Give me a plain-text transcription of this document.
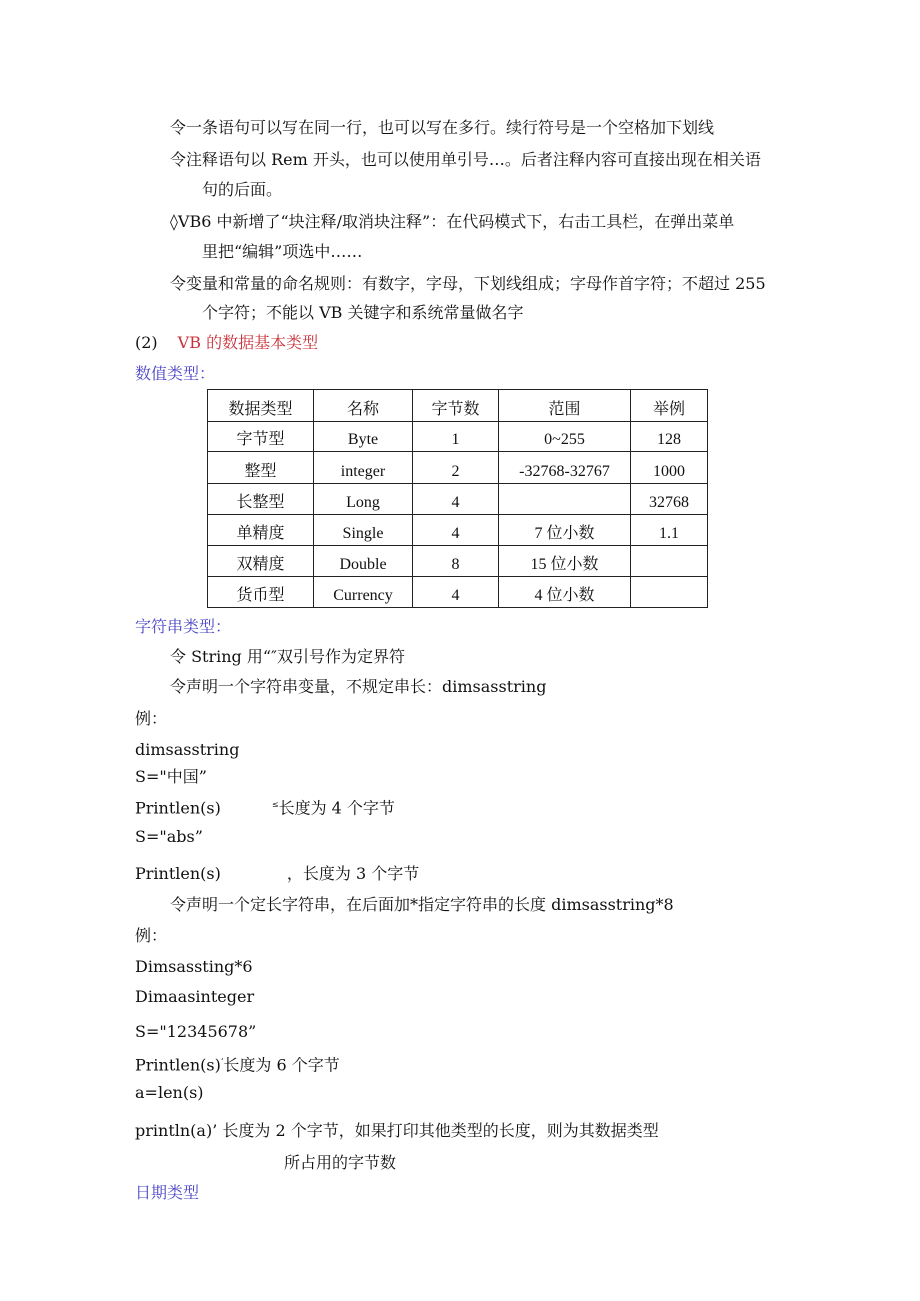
令一条语句可以写在同一行，也可以写在多行。续行符号是一个空格加下划线
令注释语句以 Rem 开头，也可以使用单引号…。后者注释内容可直接出现在相关语
句的后面。
◊VB6 中新增了“块注释/取消块注释”：在代码模式下，右击工具栏，在弹出菜单
里把“编辑”项选中……
令变量和常量的命名规则：有数字，字母，下划线组成；字母作首字符；不超过 255
个字符；不能以 VB 关键字和系统常量做名字
(2) VB 的数据基本类型
数值类型：
数据类型	名称	字节数	范围	举例
字节型	Byte	1	0~255	128
整型	integer	2	-32768-32767	1000
长整型	Long	4		32768
单精度	Single	4	7 位小数	1.1
双精度	Double	8	15 位小数	
货币型	Currency	4	4 位小数	
字符串类型：
令 String 用“″双引号作为定界符
令声明一个字符串变量，不规定串长：dimsasstring
例：
dimsasstring
S="中国”
Printlen(s)	≤长度为 4 个字节
S="abs”
Printlen(s)	，长度为 3 个字节
令声明一个定长字符串，在后面加*指定字符串的长度 dimsasstring*8
例：
Dimsassting*6
Dimaasinteger
S="12345678”
Printlen(s)‘长度为 6 个字节
a=len(s)
println(a)’ 长度为 2 个字节，如果打印其他类型的长度，则为其数据类型
所占用的字节数
日期类型
